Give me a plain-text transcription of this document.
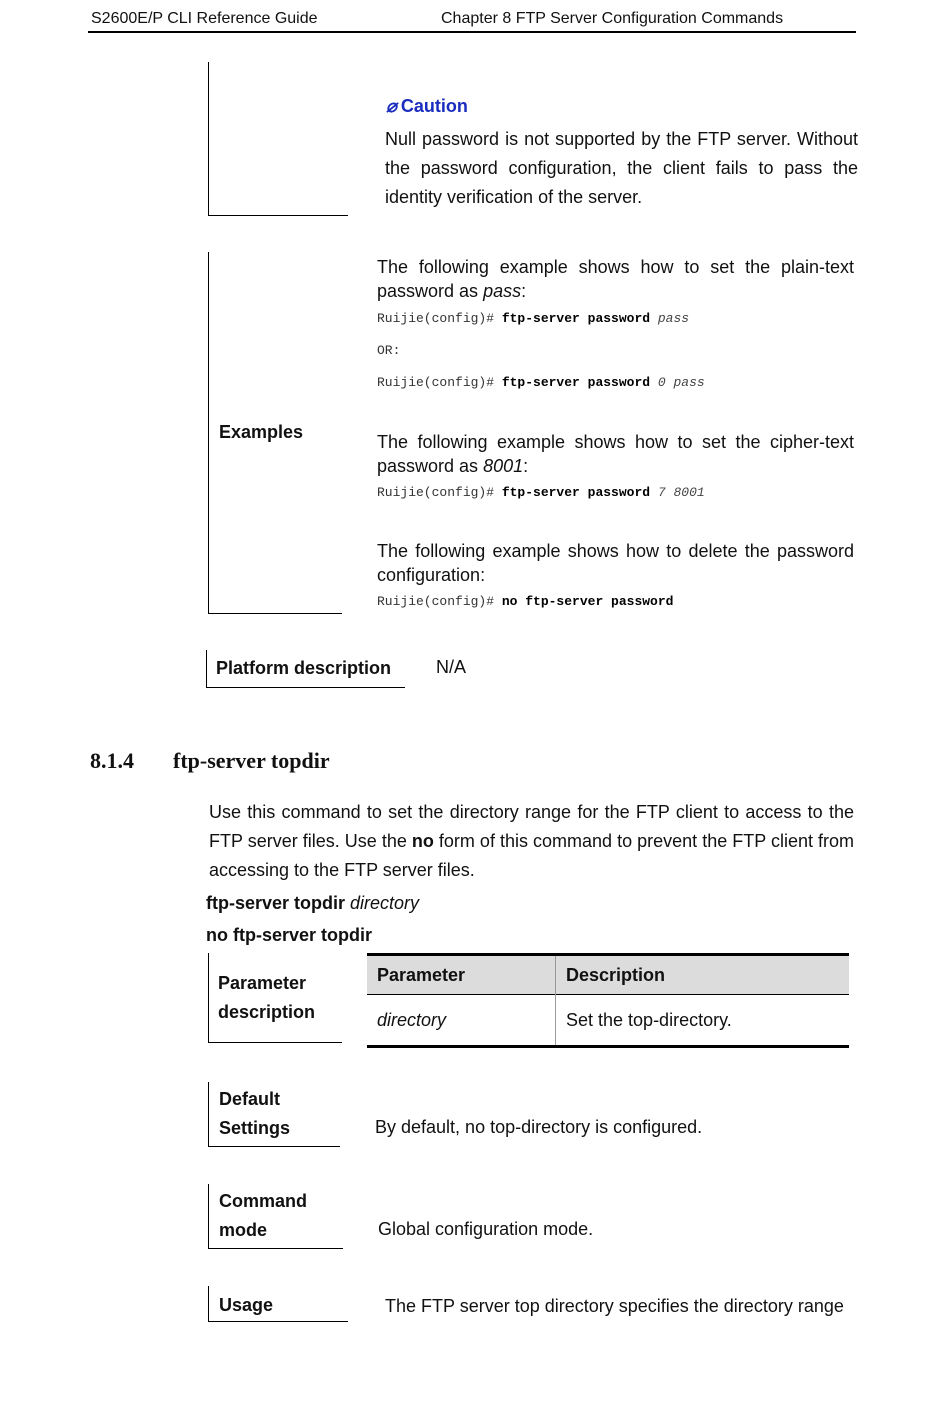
S2600E/P CLI Reference Guide	Chapter 8 FTP Server Configuration Commands
⌀ Caution
Null password is not supported by the FTP server. Without the password configuration, the client fails to pass the identity verification of the server.
Examples
The following example shows how to set the plain-text password as pass:
Ruijie(config)# ftp-server password pass
OR:
Ruijie(config)# ftp-server password 0 pass
The following example shows how to set the cipher-text password as 8001:
Ruijie(config)# ftp-server password 7 8001
The following example shows how to delete the password configuration:
Ruijie(config)# no ftp-server password
Platform description N/A
8.1.4 ftp-server topdir
Use this command to set the directory range for the FTP client to access to the FTP server files. Use the no form of this command to prevent the FTP client from accessing to the FTP server files.
ftp-server topdir directory
no ftp-server topdir
Parameter
description
Parameter	Description
directory	Set the top-directory.
Default
Settings	By default, no top-directory is configured.
Command
mode	Global configuration mode.
Usage	The FTP server top directory specifies the directory range
